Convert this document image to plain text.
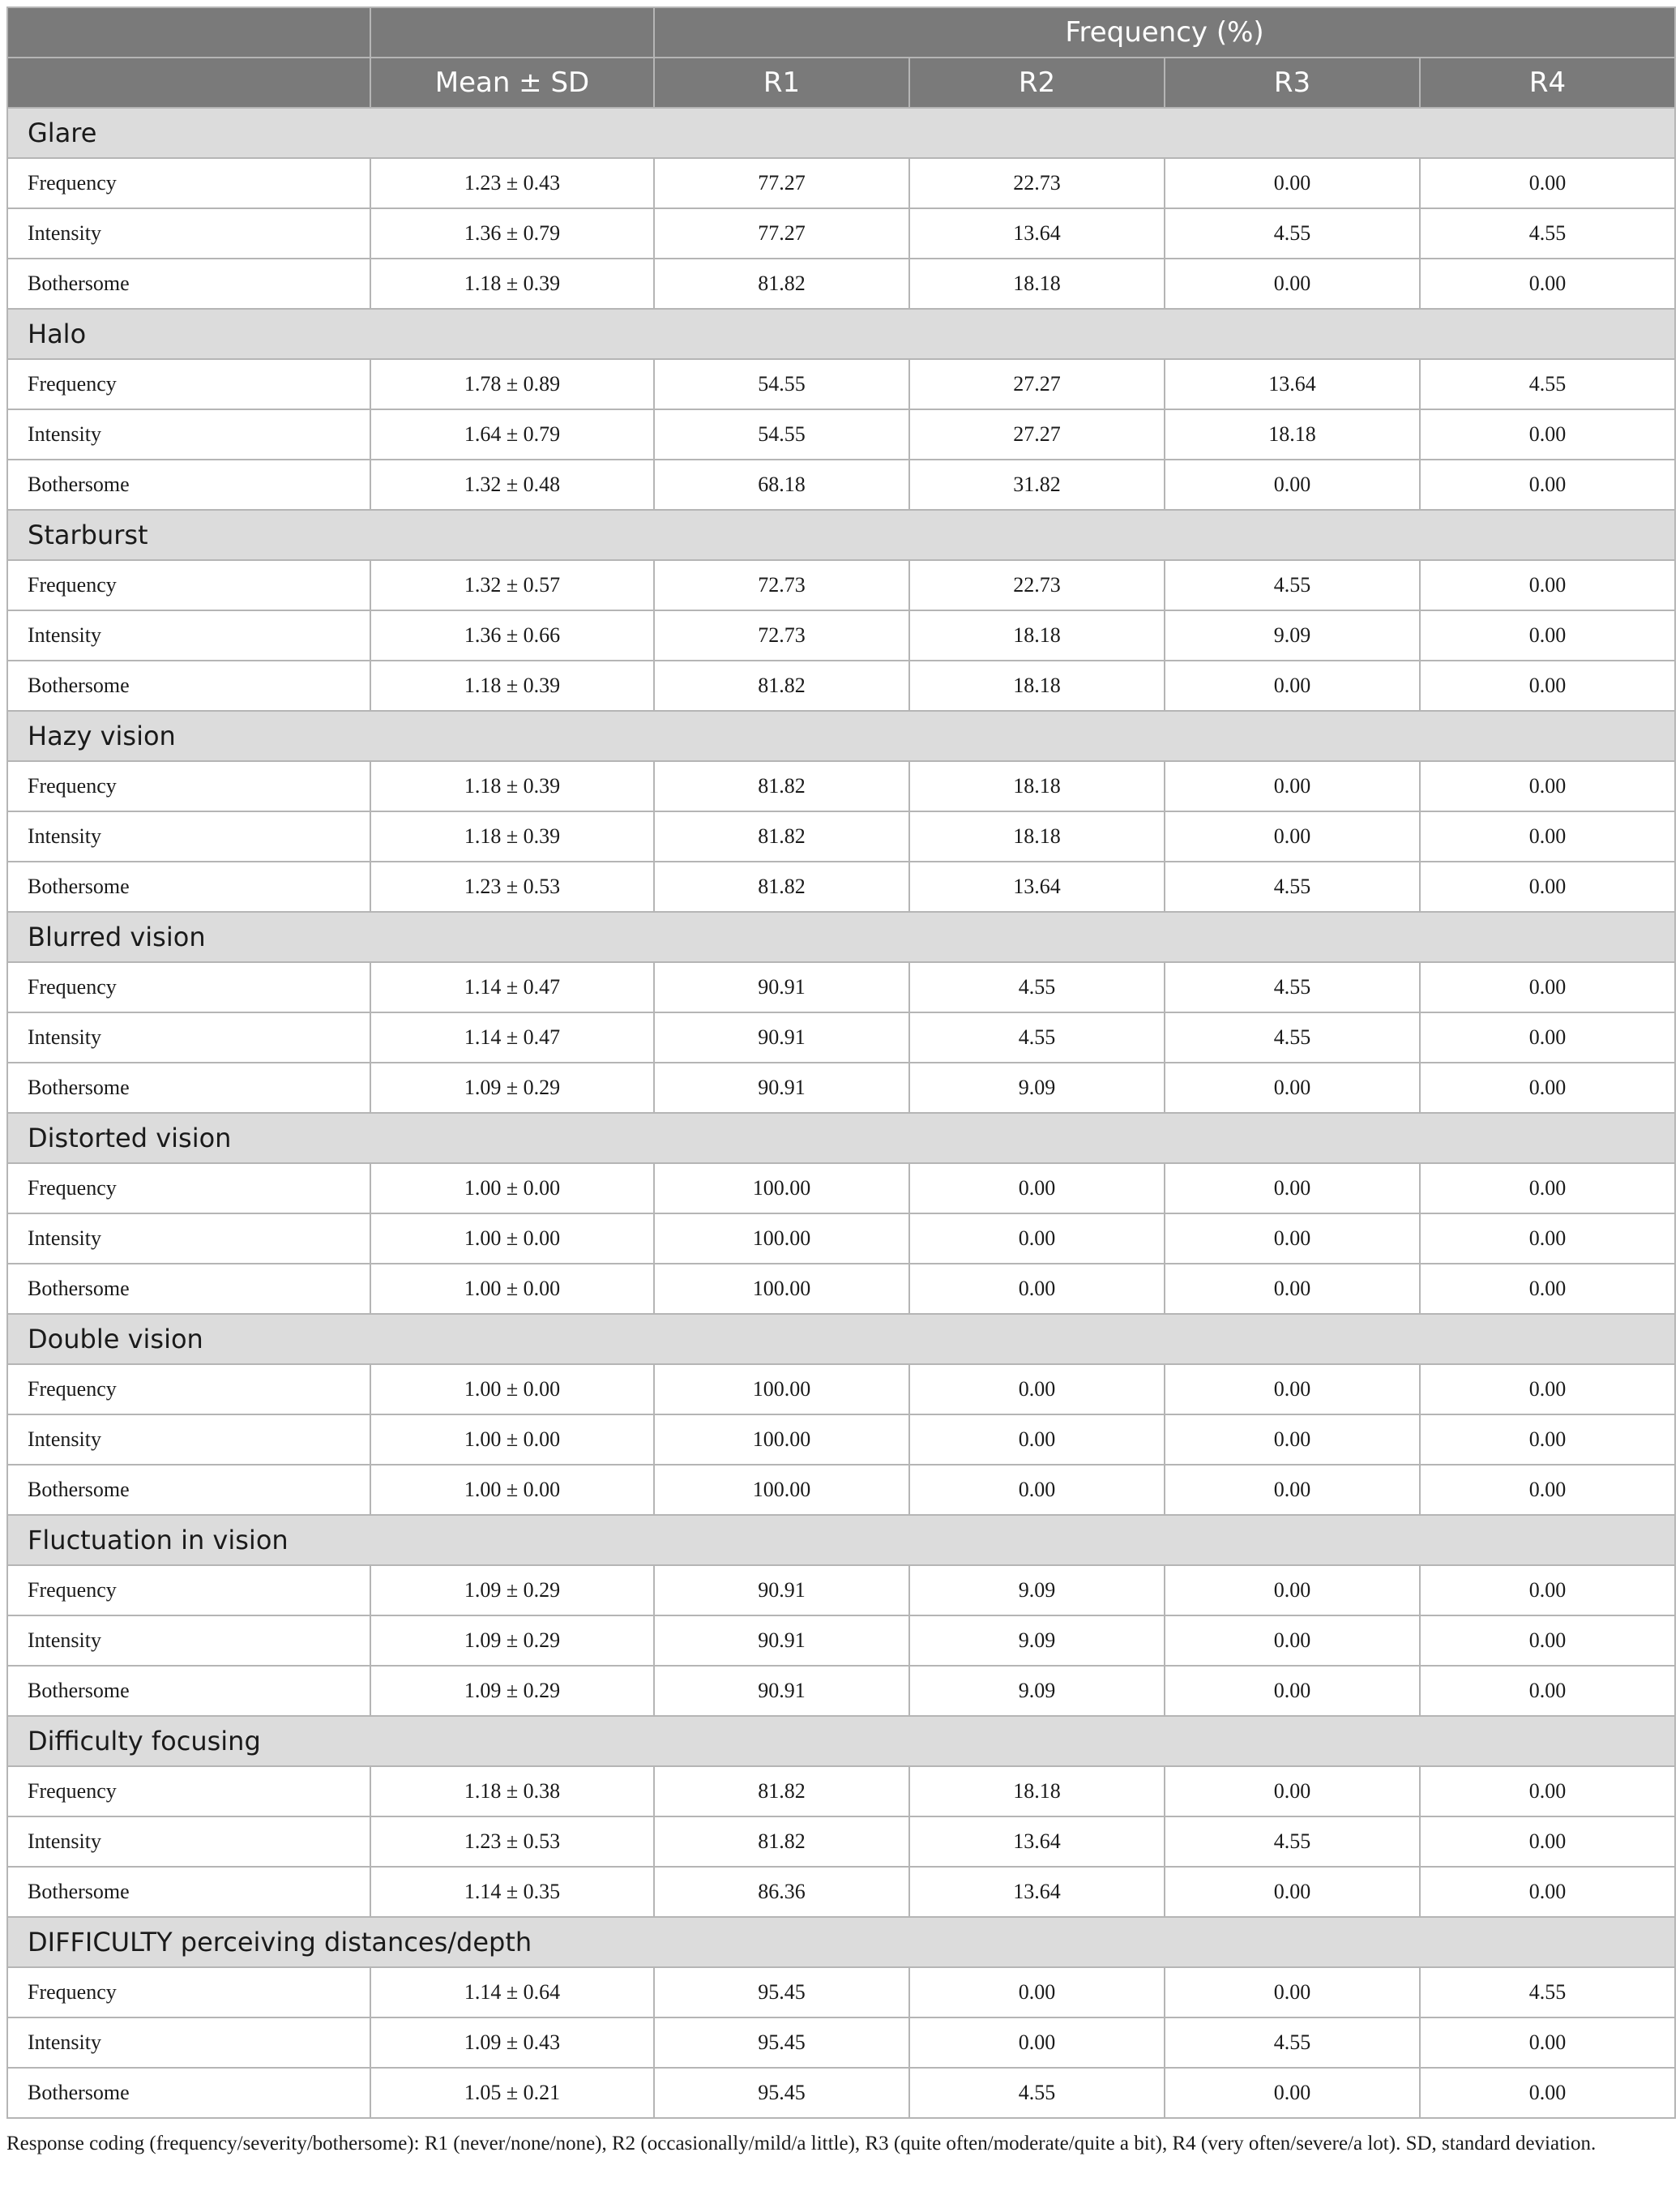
		Frequency (%)			
	Mean ± SD	R1	R2	R3	R4
Glare					
Frequency	1.23 ± 0.43	77.27	22.73	0.00	0.00
Intensity	1.36 ± 0.79	77.27	13.64	4.55	4.55
Bothersome	1.18 ± 0.39	81.82	18.18	0.00	0.00
Halo					
Frequency	1.78 ± 0.89	54.55	27.27	13.64	4.55
Intensity	1.64 ± 0.79	54.55	27.27	18.18	0.00
Bothersome	1.32 ± 0.48	68.18	31.82	0.00	0.00
Starburst					
Frequency	1.32 ± 0.57	72.73	22.73	4.55	0.00
Intensity	1.36 ± 0.66	72.73	18.18	9.09	0.00
Bothersome	1.18 ± 0.39	81.82	18.18	0.00	0.00
Hazy vision					
Frequency	1.18 ± 0.39	81.82	18.18	0.00	0.00
Intensity	1.18 ± 0.39	81.82	18.18	0.00	0.00
Bothersome	1.23 ± 0.53	81.82	13.64	4.55	0.00
Blurred vision					
Frequency	1.14 ± 0.47	90.91	4.55	4.55	0.00
Intensity	1.14 ± 0.47	90.91	4.55	4.55	0.00
Bothersome	1.09 ± 0.29	90.91	9.09	0.00	0.00
Distorted vision					
Frequency	1.00 ± 0.00	100.00	0.00	0.00	0.00
Intensity	1.00 ± 0.00	100.00	0.00	0.00	0.00
Bothersome	1.00 ± 0.00	100.00	0.00	0.00	0.00
Double vision					
Frequency	1.00 ± 0.00	100.00	0.00	0.00	0.00
Intensity	1.00 ± 0.00	100.00	0.00	0.00	0.00
Bothersome	1.00 ± 0.00	100.00	0.00	0.00	0.00
Fluctuation in vision					
Frequency	1.09 ± 0.29	90.91	9.09	0.00	0.00
Intensity	1.09 ± 0.29	90.91	9.09	0.00	0.00
Bothersome	1.09 ± 0.29	90.91	9.09	0.00	0.00
Difficulty focusing					
Frequency	1.18 ± 0.38	81.82	18.18	0.00	0.00
Intensity	1.23 ± 0.53	81.82	13.64	4.55	0.00
Bothersome	1.14 ± 0.35	86.36	13.64	0.00	0.00
DIFFICULTY perceiving distances/depth					
Frequency	1.14 ± 0.64	95.45	0.00	0.00	4.55
Intensity	1.09 ± 0.43	95.45	0.00	4.55	0.00
Bothersome	1.05 ± 0.21	95.45	4.55	0.00	0.00
Response coding (frequency/severity/bothersome): R1 (never/none/none), R2 (occasionally/mild/a little), R3 (quite often/moderate/quite a bit), R4 (very often/severe/a lot). SD, standard deviation.
